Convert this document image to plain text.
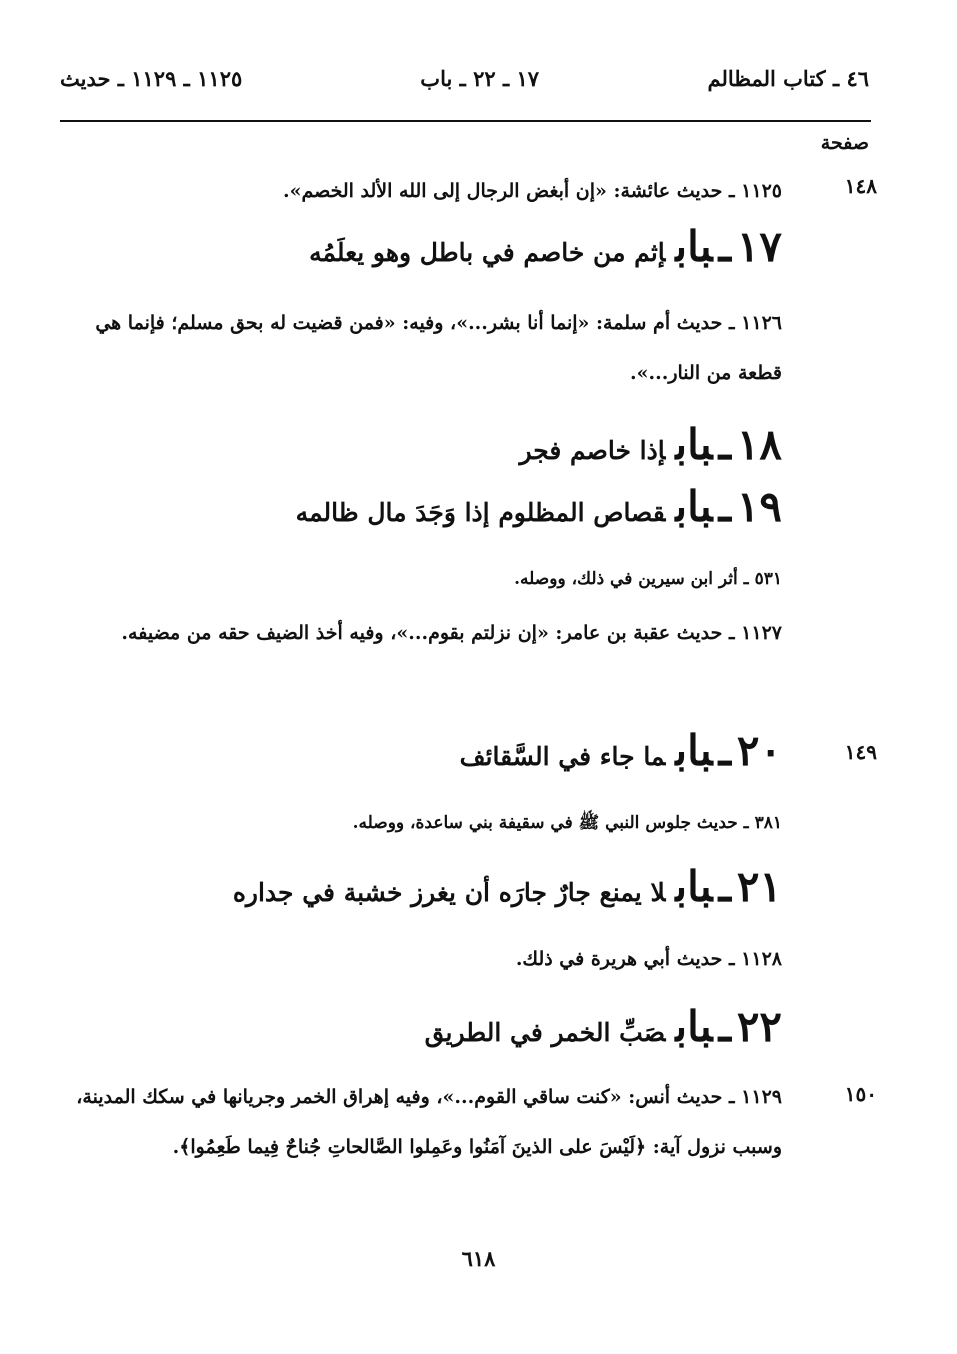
٤٦ ـ كتاب المظالم
١٧ ـ ٢٢ ـ باب
١١٢٥ ـ ١١٢٩ ـ حديث
صفحة
١٤٨
١١٢٥ ـ حديث عائشة: «إن أبغض الرجال إلى الله الألد الخصم».
١٧ـبابإثم من خاصم في باطل وهو يعلَمُه
١١٢٦ ـ حديث أم سلمة: «إنما أنا بشر...»، وفيه: «فمن قضيت له بحق مسلم؛ فإنما هي قطعة من النار...».
١٨ـبابإذا خاصم فجر
١٩ـبابقصاص المظلوم إذا وَجَدَ مال ظالمه
٥٣١ ـ أثر ابن سيرين في ذلك، ووصله.
١١٢٧ ـ حديث عقبة بن عامر: «إن نزلتم بقوم...»، وفيه أخذ الضيف حقه من مضيفه.
١٤٩
٢٠ـبابما جاء في السَّقائف
٣٨١ ـ حديث جلوس النبي ﷺ في سقيفة بني ساعدة، ووصله.
٢١ـبابلا يمنع جارٌ جارَه أن يغرز خشبة في جداره
١١٢٨ ـ حديث أبي هريرة في ذلك.
٢٢ـبابصَبِّ الخمر في الطريق
١٥٠
١١٢٩ ـ حديث أنس: «كنت ساقي القوم...»، وفيه إهراق الخمر وجريانها في سكك المدينة، وسبب نزول آية: ﴿لَيْسَ على الذينَ آمَنُوا وعَمِلوا الصَّالحاتِ جُناحٌ فِيما طَعِمُوا﴾.
٦١٨
